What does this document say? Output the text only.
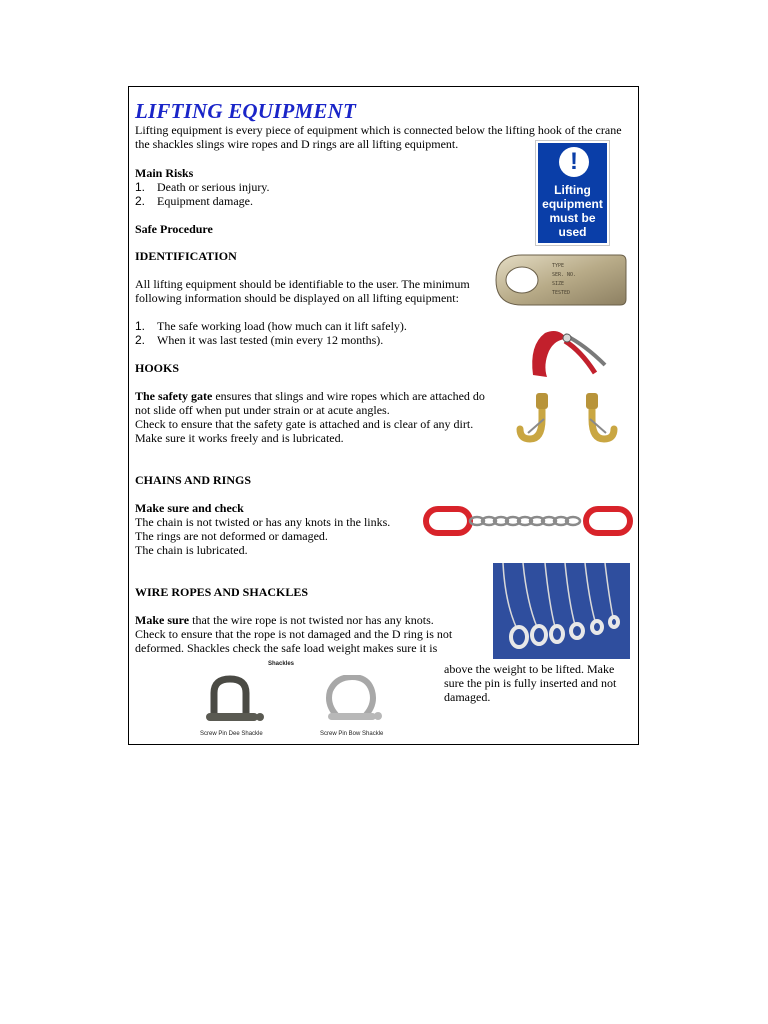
LIFTING EQUIPMENT

Lifting equipment is every piece of equipment which is connected below the lifting hook of the crane the shackles slings wire ropes and D rings are all lifting equipment.

Main Risks

1. Death or serious injury.
2. Equipment damage.

Safe Procedure

!
Lifting
equipment
must be
used

IDENTIFICATION

All lifting equipment should be identifiable to the user. The minimum following information should be displayed on all lifting equipment:

1. The safe working load (how much can it lift safely).
2. When it was last tested (min every 12 months).
TYPE
SER. NO.
SIZE
TESTED

HOOKS

The safety gate ensures that slings and wire ropes which are attached do not slide off when put under strain or at acute angles.
Check to ensure that the safety gate is attached and is clear of any dirt.
Make sure it works freely and is lubricated.

CHAINS AND RINGS

Make sure and check

The chain is not twisted or has any knots in the links.

The rings are not deformed or damaged.

The chain is lubricated.

WIRE ROPES AND SHACKLES

Make sure that the wire rope is not twisted nor has any knots.
Check to ensure that the rope is not damaged and the D ring is not deformed. Shackles check the safe load weight makes sure it is

above the weight to be lifted. Make sure the pin is fully inserted and not damaged.

Shackles
Screw Pin Dee Shackle	Screw Pin Bow Shackle
